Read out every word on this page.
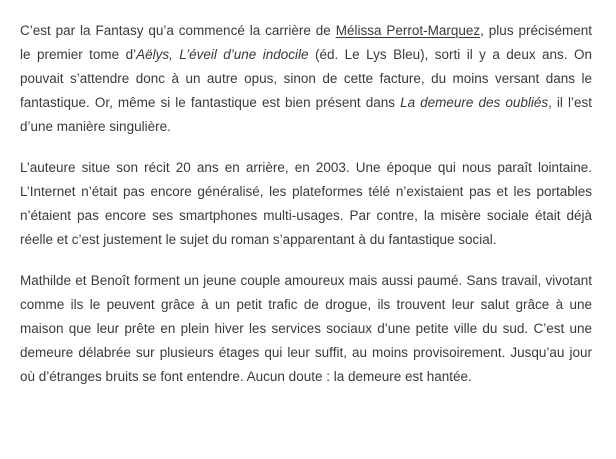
C’est par la Fantasy qu’a commencé la carrière de Mélissa Perrot-Marquez, plus précisément le premier tome d’Aëlys, L’éveil d’une indocile (éd. Le Lys Bleu), sorti il y a deux ans. On pouvait s’attendre donc à un autre opus, sinon de cette facture, du moins versant dans le fantastique. Or, même si le fantastique est bien présent dans La demeure des oubliés, il l’est d’une manière singulière.

L’auteure situe son récit 20 ans en arrière, en 2003. Une époque qui nous paraît lointaine. L’Internet n’était pas encore généralisé, les plateformes télé n’existaient pas et les portables n’étaient pas encore ses smartphones multi-usages. Par contre, la misère sociale était déjà réelle et c’est justement le sujet du roman s’apparentant à du fantastique social.

Mathilde et Benoît forment un jeune couple amoureux mais aussi paumé. Sans travail, vivotant comme ils le peuvent grâce à un petit trafic de drogue, ils trouvent leur salut grâce à une maison que leur prête en plein hiver les services sociaux d’une petite ville du sud. C’est une demeure délabrée sur plusieurs étages qui leur suffit, au moins provisoirement. Jusqu’au jour où d’étranges bruits se font entendre. Aucun doute : la demeure est hantée.
